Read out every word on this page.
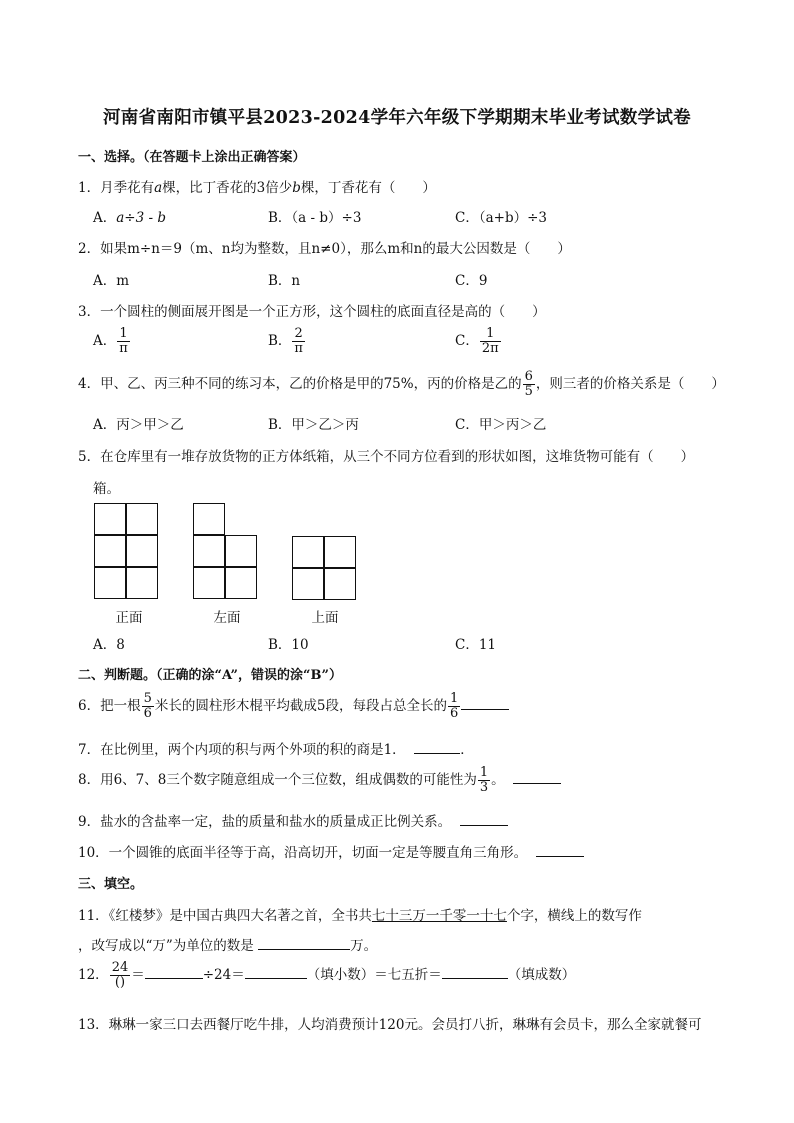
河南省南阳市镇平县2023-2024学年六年级下学期期末毕业考试数学试卷
一、选择。（在答题卡上涂出正确答案）
1．月季花有a棵，比丁香花的3倍少b棵，丁香花有（　　）
A．a÷3 - b	B．（a - b）÷3	C．（a+b）÷3
2．如果m÷n＝9（m、n均为整数，且n≠0），那么m和n的最大公因数是（　　）
A．m	B．n	C．9
3．一个圆柱的侧面展开图是一个正方形，这个圆柱的底面直径是高的（　　）
A． $\frac{1}{\pi}$	B． $\frac{2}{\pi}$	C． $\frac{1}{2\pi}$
4．甲、乙、丙三种不同的练习本，乙的价格是甲的75%，丙的价格是乙的 $\frac{6}{5}$ ，则三者的价格关系是（　　）
A．丙＞甲＞乙	B．甲＞乙＞丙	C．甲＞丙＞乙
5．在仓库里有一堆存放货物的正方体纸箱，从三个不同方位看到的形状如图，这堆货物可能有（　　）
箱。
正面	左面	上面
A．8	B．10	C．11
二、判断题。（正确的涂“A”，错误的涂“B”）
6．把一根 $\frac{5}{6}$ 米长的圆柱形木棍平均截成5段，每段占总全长的 $\frac{1}{6}$
7．在比例里，两个内项的积与两个外项的积的商是1．	．
8．用6、7、8三个数字随意组成一个三位数，组成偶数的可能性为 $\frac{1}{3}$ 。
9．盐水的含盐率一定，盐的质量和盐水的质量成正比例关系。
10．一个圆锥的底面半径等于高，沿高切开，切面一定是等腰直角三角形。
三、填空。
11．《红楼梦》是中国古典四大名著之首，全书共七十三万一千零一十七个字，横线上的数写作
，改写成以“万”为单位的数是	万。
12． $\frac{24}{()}$ ＝	÷24＝	（填小数）＝七五折＝	（填成数）
13．琳琳一家三口去西餐厅吃牛排，人均消费预计120元。会员打八折，琳琳有会员卡，那么全家就餐可
